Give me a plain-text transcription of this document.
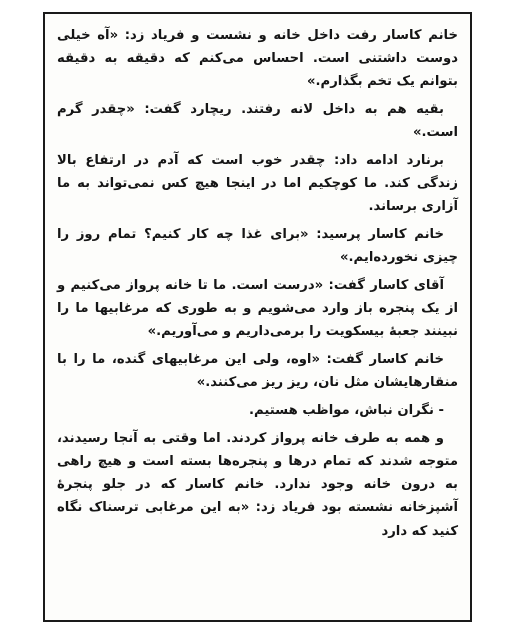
خانم کاسار رفت داخل خانه و نشست و فریاد زد: «آه خیلی دوست داشتنی است. احساس می‌کنم که دقیقه به دقیقه بتوانم یک تخم بگذارم.»

بقیه هم به داخل لانه رفتند. ریچارد گفت: «چقدر گرم است.»

برنارد ادامه داد: چقدر خوب است که آدم در ارتفاع بالا زندگی کند. ما کوچکیم اما در اینجا هیچ کس نمی‌تواند به ما آزاری برساند.

خانم کاسار پرسید: «برای غذا چه کار کنیم؟ تمام روز را چیزی نخورده‌ایم.»

آقای کاسار گفت: «درست است. ما تا خانه پرواز می‌کنیم و از یک پنجره باز وارد می‌شویم و به طوری که مرغابیها ما را نبینند جعبهٔ بیسکویت را برمی‌داریم و می‌آوریم.»

خانم کاسار گفت: «اوه، ولی این مرغابیهای گنده، ما را با منقارهایشان مثل نان، ریز ریز می‌کنند.»

- نگران نباش، مواظب هستیم.

و همه به طرف خانه پرواز کردند. اما وقتی به آنجا رسیدند، متوجه شدند که تمام درها و پنجره‌ها بسته است و هیچ راهی به درون خانه وجود ندارد. خانم کاسار که در جلو پنجرهٔ آشپزخانه نشسته بود فریاد زد: «به این مرغابی ترسناک نگاه کنید که دارد
